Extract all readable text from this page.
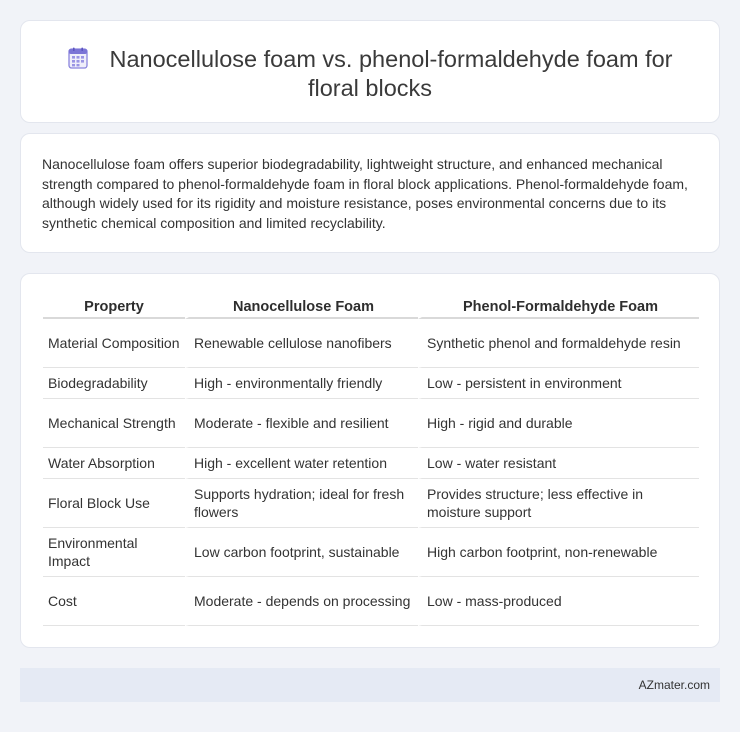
Nanocellulose foam vs. phenol-formaldehyde foam for floral blocks

Nanocellulose foam offers superior biodegradability, lightweight structure, and enhanced mechanical strength compared to phenol-formaldehyde foam in floral block applications. Phenol-formaldehyde foam, although widely used for its rigidity and moisture resistance, poses environmental concerns due to its synthetic chemical composition and limited recyclability.

Property	Nanocellulose Foam	Phenol-Formaldehyde Foam
Material Composition	Renewable cellulose nanofibers	Synthetic phenol and formaldehyde resin
Biodegradability	High - environmentally friendly	Low - persistent in environment
Mechanical Strength	Moderate - flexible and resilient	High - rigid and durable
Water Absorption	High - excellent water retention	Low - water resistant
Floral Block Use	Supports hydration; ideal for fresh flowers	Provides structure; less effective in moisture support
Environmental Impact	Low carbon footprint, sustainable	High carbon footprint, non-renewable
Cost	Moderate - depends on processing	Low - mass-produced
AZmater.com
